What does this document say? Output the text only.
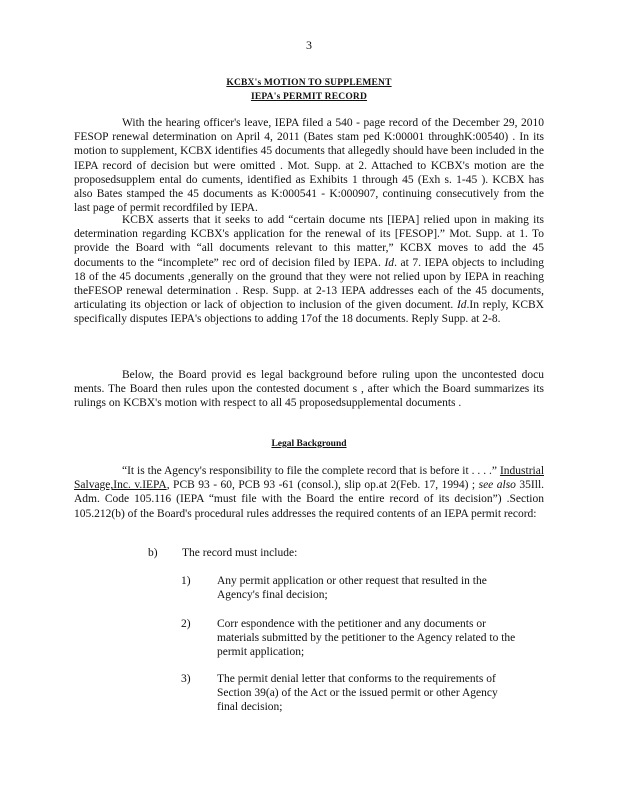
3
KCBX's MOTION TO SUPPLEMENT
IEPA's PERMIT RECORD

With the hearing officer's leave, IEPA filed a 540 - page record of the December 29, 2010 FESOP renewal determination on April 4, 2011 (Bates stam ped K:00001 throughK:00540) . In its motion to supplement, KCBX identifies 45 documents that allegedly should have been included in the IEPA record of decision but were omitted . Mot. Supp. at 2. Attached to KCBX's motion are the proposedsupplem ental do cuments, identified as Exhibits 1 through 45 (Exh s. 1-45 ). KCBX has also Bates stamped the 45 documents as K:000541 - K:000907, continuing consecutively from the last page of permit recordfiled by IEPA.

KCBX asserts that it seeks to add “certain docume nts [IEPA] relied upon in making its determination regarding KCBX's application for the renewal of its [FESOP].” Mot. Supp. at 1. To provide the Board with “all documents relevant to this matter,” KCBX moves to add the 45 documents to the “incomplete” rec ord of decision filed by IEPA. Id. at 7. IEPA objects to including 18 of the 45 documents ,generally on the ground that they were not relied upon by IEPA in reaching theFESOP renewal determination . Resp. Supp. at 2-13 IEPA addresses each of the 45 documents, articulating its objection or lack of objection to inclusion of the given document. Id.In reply, KCBX specifically disputes IEPA's objections to adding 17of the 18 documents. Reply Supp. at 2-8.

Below, the Board provid es legal background before ruling upon the uncontested docu ments. The Board then rules upon the contested document s , after which the Board summarizes its rulings on KCBX's motion with respect to all 45 proposedsupplemental documents .

Legal Background

“It is the Agency's responsibility to file the complete record that is before it . . . .” Industrial Salvage,Inc. v.IEPA, PCB 93 - 60, PCB 93 -61 (consol.), slip op.at 2(Feb. 17, 1994) ; see also 35Ill. Adm. Code 105.116 (IEPA “must file with the Board the entire record of its decision”) .Section 105.212(b) of the Board's procedural rules addresses the required contents of an IEPA permit record:

b) The record must include:
1) Any permit application or other request that resulted in the Agency's final decision;
2) Corr espondence with the petitioner and any documents or materials submitted by the petitioner to the Agency related to the permit application;
3) The permit denial letter that conforms to the requirements of Section 39(a) of the Act or the issued permit or other Agency final decision;
